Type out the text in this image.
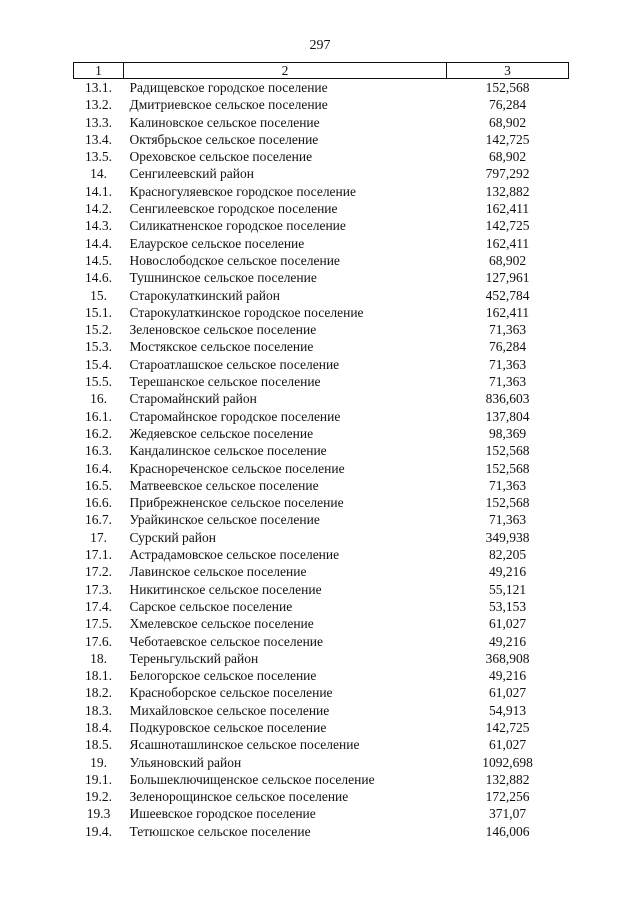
297
1	2	3
13.1.	Радищевское городское поселение	152,568
13.2.	Дмитриевское сельское поселение	76,284
13.3.	Калиновское сельское поселение	68,902
13.4.	Октябрьское сельское поселение	142,725
13.5.	Ореховское сельское поселение	68,902
14.	Сенгилеевский район	797,292
14.1.	Красногуляевское городское поселение	132,882
14.2.	Сенгилеевское городское поселение	162,411
14.3.	Силикатненское городское поселение	142,725
14.4.	Елаурское сельское поселение	162,411
14.5.	Новослободское сельское поселение	68,902
14.6.	Тушнинское сельское поселение	127,961
15.	Старокулаткинский район	452,784
15.1.	Старокулаткинское городское поселение	162,411
15.2.	Зеленовское сельское поселение	71,363
15.3.	Мостякское сельское поселение	76,284
15.4.	Староатлашское сельское поселение	71,363
15.5.	Терешанское сельское поселение	71,363
16.	Старомайнский район	836,603
16.1.	Старомайнское городское поселение	137,804
16.2.	Жедяевское сельское поселение	98,369
16.3.	Кандалинское сельское поселение	152,568
16.4.	Краснореченское сельское поселение	152,568
16.5.	Матвеевское сельское поселение	71,363
16.6.	Прибрежненское сельское поселение	152,568
16.7.	Урайкинское сельское поселение	71,363
17.	Сурский район	349,938
17.1.	Астрадамовское сельское поселение	82,205
17.2.	Лавинское сельское поселение	49,216
17.3.	Никитинское сельское поселение	55,121
17.4.	Сарское сельское поселение	53,153
17.5.	Хмелевское сельское поселение	61,027
17.6.	Чеботаевское сельское поселение	49,216
18.	Тереньгульский район	368,908
18.1.	Белогорское сельское поселение	49,216
18.2.	Красноборское сельское поселение	61,027
18.3.	Михайловское сельское поселение	54,913
18.4.	Подкуровское сельское поселение	142,725
18.5.	Ясашноташлинское сельское поселение	61,027
19.	Ульяновский район	1092,698
19.1.	Большеключищенское сельское поселение	132,882
19.2.	Зеленорощинское сельское поселение	172,256
19.3	Ишеевское городское поселение	371,07
19.4.	Тетюшское сельское поселение	146,006
